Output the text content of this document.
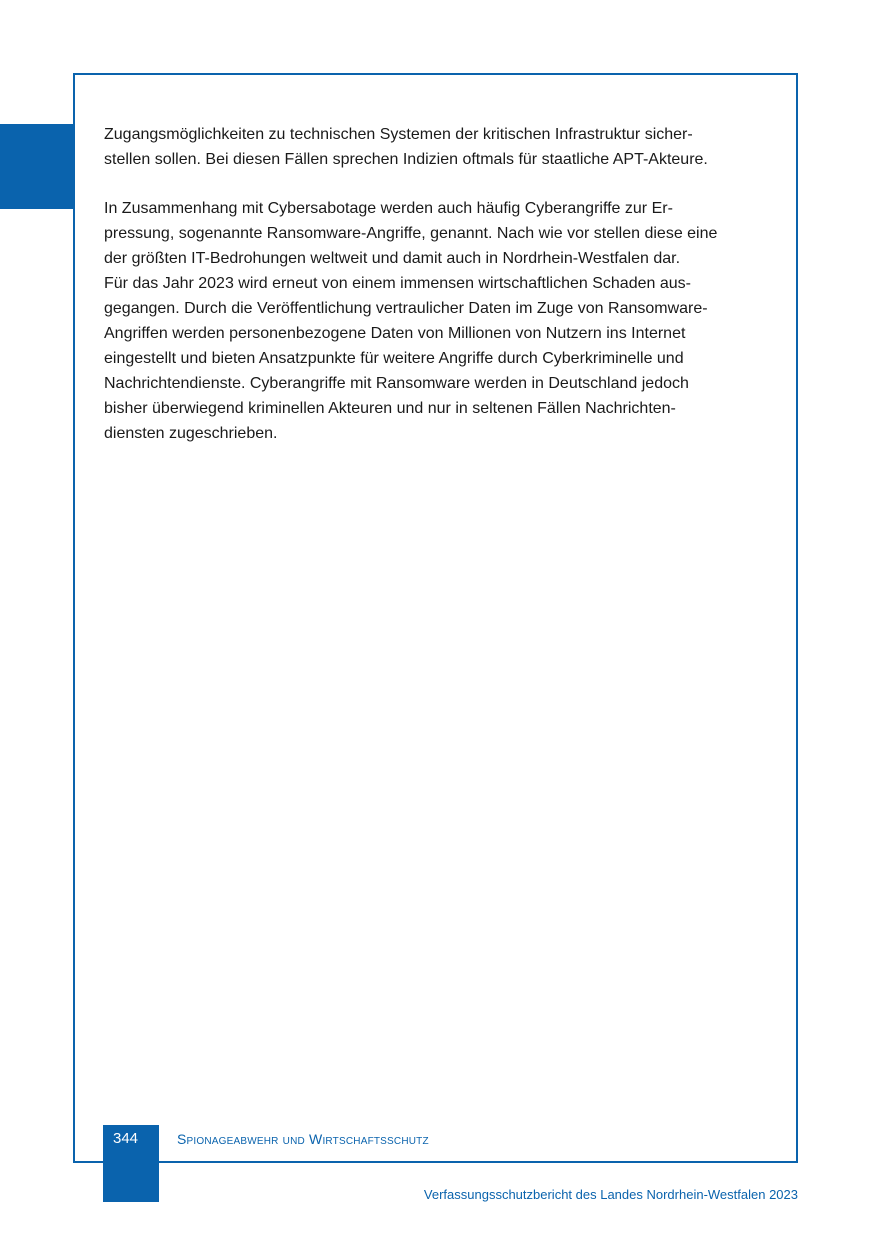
Zugangsmöglichkeiten zu technischen Systemen der kritischen Infrastruktur sicher-
stellen sollen. Bei diesen Fällen sprechen Indizien oftmals für staatliche APT-Akteure.

In Zusammenhang mit Cybersabotage werden auch häufig Cyberangriffe zur Er-
pressung, sogenannte Ransomware-Angriffe, genannt. Nach wie vor stellen diese eine
der größten IT-Bedrohungen weltweit und damit auch in Nordrhein-Westfalen dar.
Für das Jahr 2023 wird erneut von einem immensen wirtschaftlichen Schaden aus-
gegangen. Durch die Veröffentlichung vertraulicher Daten im Zuge von Ransomware-
Angriffen werden personenbezogene Daten von Millionen von Nutzern ins Internet
eingestellt und bieten Ansatzpunkte für weitere Angriffe durch Cyberkriminelle und
Nachrichtendienste. Cyberangriffe mit Ransomware werden in Deutschland jedoch
bisher überwiegend kriminellen Akteuren und nur in seltenen Fällen Nachrichten-
diensten zugeschrieben.

344	Spionageabwehr und Wirtschaftsschutz
Verfassungsschutzbericht des Landes Nordrhein-Westfalen 2023
